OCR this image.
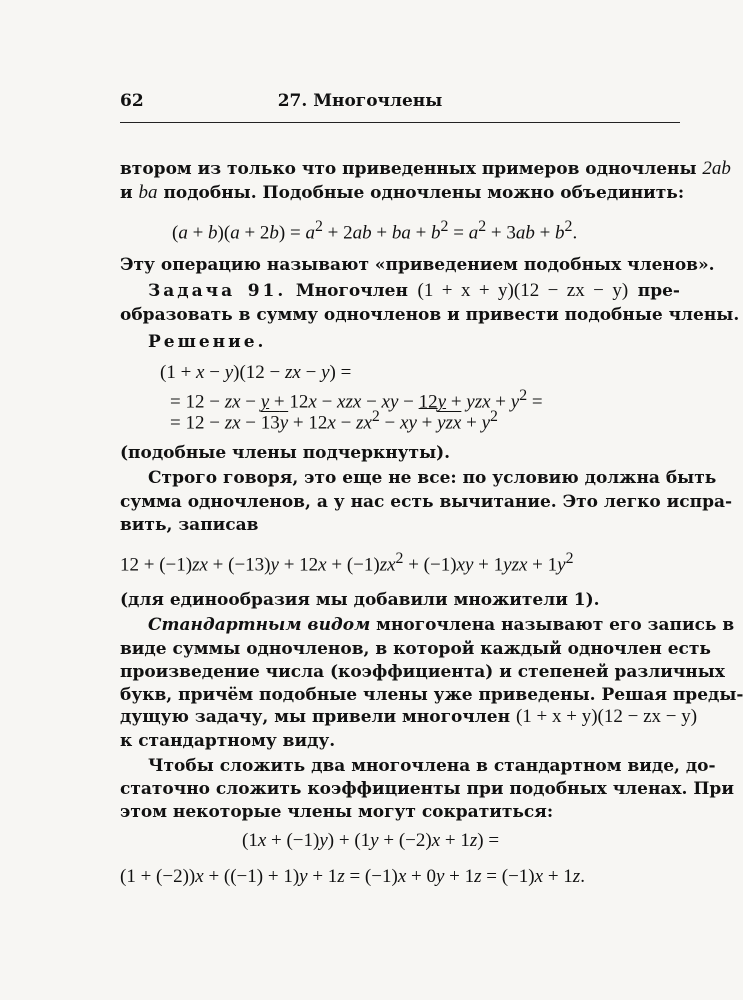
62	27. Многочлены
втором из только что приведенных примеров одночлены 2ab
и ba подобны. Подобные одночлены можно объединить:
$(a + b)(a + 2b) = a^2 + 2ab$ + ba + $b^2 = a^2 + 3ab + b^2$.
Эту операцию называют «приведением подобных членов».
Задача 91. Многочлен (1 + x + y)(12 − zx − y) пре-
образовать в сумму одночленов и привести подобные члены.
Решение.
(1 + x − y)(12 − zx − y) =
= 12 − zx − y + 12x − xzx − xy − 12y + yzx + $y^2$ =
= 12 − zx − $13y + 12x - zx^2$ − xy + $\overline{yzx} + y^2$
(подобные члены подчеркнуты).
Строго говоря, это еще не все: по условию должна быть
сумма одночленов, а у нас есть вычитание. Это легко испра-
вить, записав
$12 + (-1)zx + (-13)y + 12x + (-1)zx^2 + (-1)xy + 1yzx + 1y^2$
(для единообразия мы добавили множители 1).
Стандартным видом многочлена называют его запись в
виде суммы одночленов, в которой каждый одночлен есть
произведение числа (коэффициента) и степеней различных
букв, причём подобные члены уже приведены. Решая преды-
дущую задачу, мы привели многочлен (1 + x + y)(12 − zx − y)
к стандартному виду.
Чтобы сложить два многочлена в стандартном виде, до-
статочно сложить коэффициенты при подобных членах. При
этом некоторые члены могут сократиться:
(1x + (−1)y) + (1y + (−2)x + 1z) =
(1 + (−2))x + ((−1) + 1)y + 1z = (−1)x + 0y + 1z = (−1)x + 1z.
